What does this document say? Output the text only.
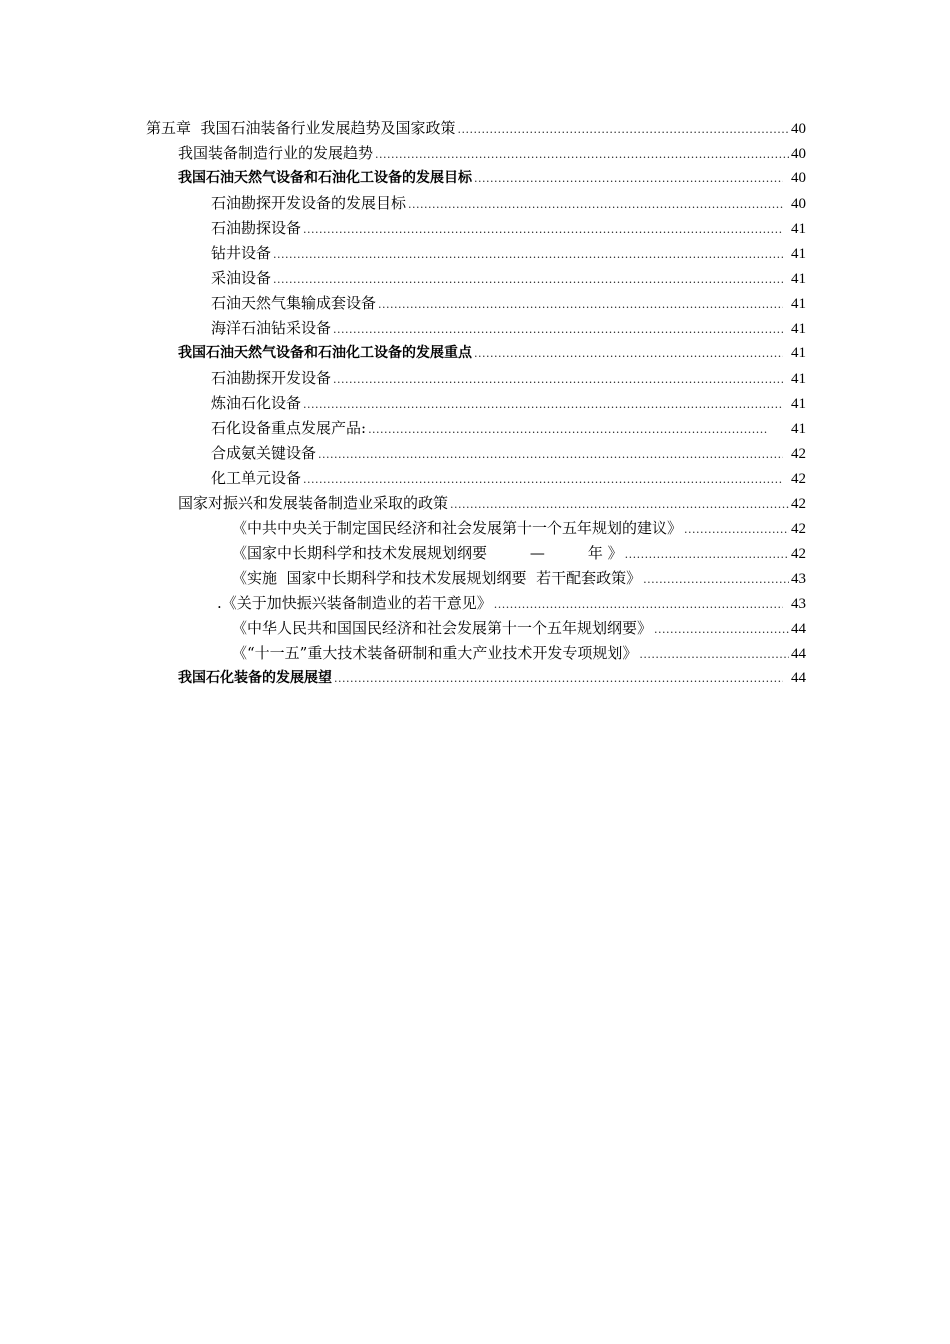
第五章  我国石油装备行业发展趋势及国家政策 .....	40
我国装备制造行业的发展趋势 .....	40
我国石油天然气设备和石油化工设备的发展目标 .....	40
石油勘探开发设备的发展目标 .....	40
石油勘探设备 .....	41
钻井设备 .....	41
采油设备 .....	41
石油天然气集输成套设备 .....	41
海洋石油钻采设备 .....	41
我国石油天然气设备和石油化工设备的发展重点 .....	41
石油勘探开发设备 .....	41
炼油石化设备 .....	41
石化设备重点发展产品: .....	41
合成氨关键设备 .....	42
化工单元设备 .....	42
国家对振兴和发展装备制造业采取的政策 .....	42
《中共中央关于制定国民经济和社会发展第十一个五年规划的建议》 .....	42
《国家中长期科学和技术发展规划纲要         —         年 》 .....	42
《实施  国家中长期科学和技术发展规划纲要  若干配套政策》 .....	43
.《关于加快振兴装备制造业的若干意见》 .....	43
《中华人民共和国国民经济和社会发展第十一个五年规划纲要》 .....	44
《“十一五”重大技术装备研制和重大产业技术开发专项规划》 .....	44
我国石化装备的发展展望 .....	44
